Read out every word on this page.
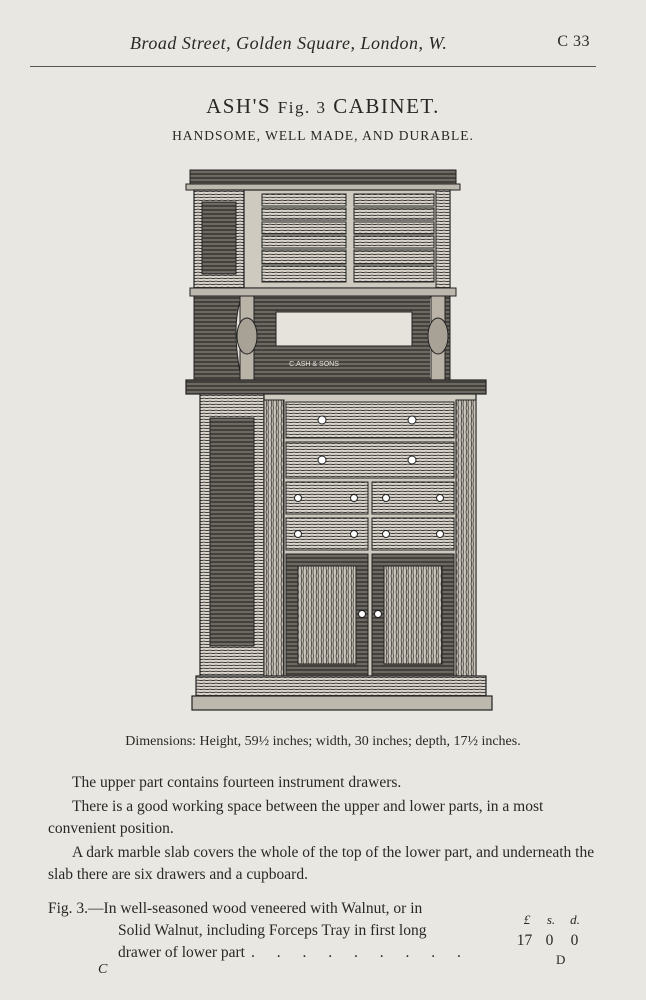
Broad Street, Golden Square, London, W.	C 33
ASH'S Fig. 3 CABINET.
HANDSOME, WELL MADE, AND DURABLE.
C.ASH & SONS
Dimensions: Height, 59½ inches; width, 30 inches; depth, 17½ inches.
The upper part contains fourteen instrument drawers.
There is a good working space between the upper and lower parts, in a most convenient position.
A dark marble slab covers the whole of the top of the lower part, and underneath the slab there are six drawers and a cupboard.
Fig. 3.—In well-seasoned wood veneered with Walnut, or in
Solid Walnut, including Forceps Tray in first long
drawer of lower part . . . . . . . . .
£ s. d.
17 0 0
C
D
